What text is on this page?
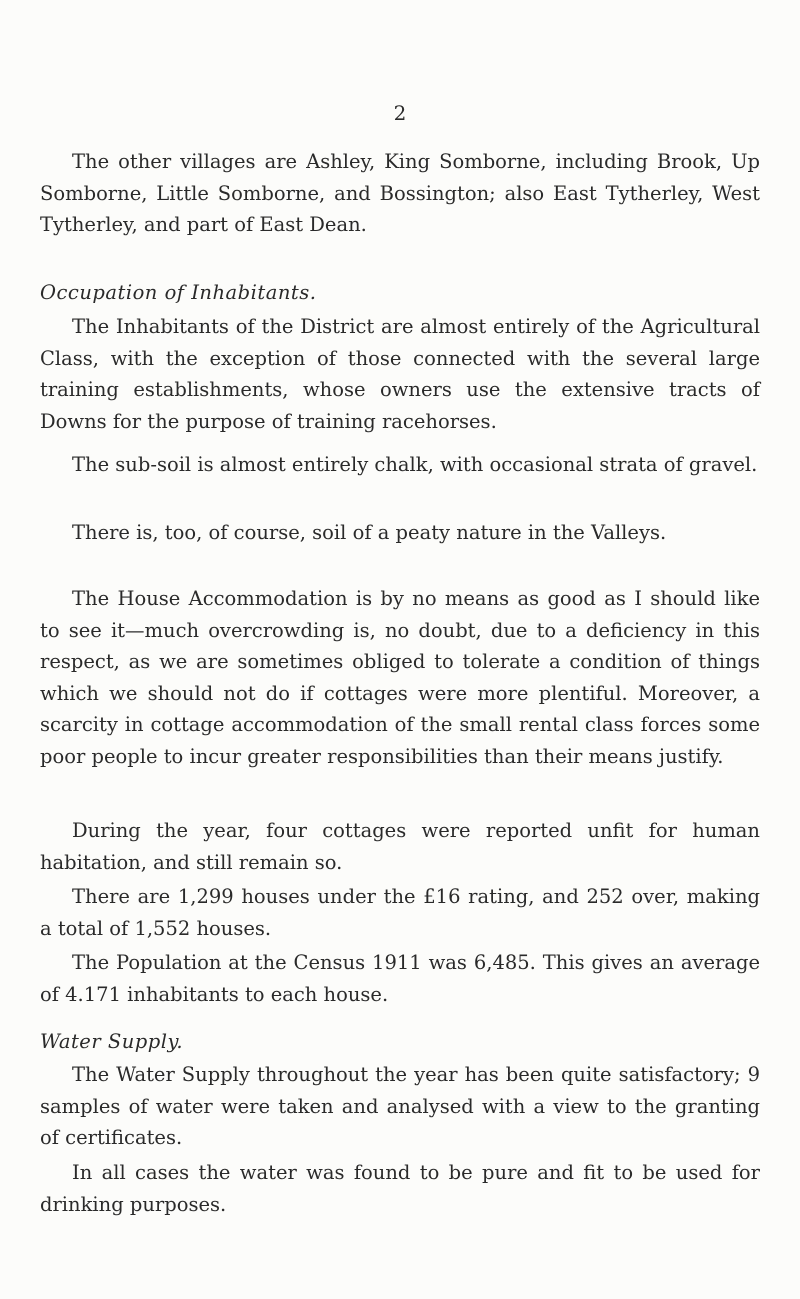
2

The other villages are Ashley, King Somborne, including Brook, Up Somborne, Little Somborne, and Bossington; also East Tytherley, West Tytherley, and part of East Dean.

Occupation of Inhabitants.

The Inhabitants of the District are almost entirely of the Agricultural Class, with the exception of those connected with the several large training establishments, whose owners use the extensive tracts of Downs for the purpose of training racehorses.

The sub-soil is almost entirely chalk, with occasional strata of gravel.

There is, too, of course, soil of a peaty nature in the Valleys.

The House Accommodation is by no means as good as I should like to see it—much overcrowding is, no doubt, due to a deficiency in this respect, as we are sometimes obliged to tolerate a condition of things which we should not do if cottages were more plentiful. Moreover, a scarcity in cottage accommodation of the small rental class forces some poor people to incur greater responsibilities than their means justify.

During the year, four cottages were reported unfit for human habitation, and still remain so.

There are 1,299 houses under the £16 rating, and 252 over, making a total of 1,552 houses.

The Population at the Census 1911 was 6,485. This gives an average of 4.171 inhabitants to each house.

Water Supply.

The Water Supply throughout the year has been quite satisfactory; 9 samples of water were taken and analysed with a view to the granting of certificates.

In all cases the water was found to be pure and fit to be used for drinking purposes.
